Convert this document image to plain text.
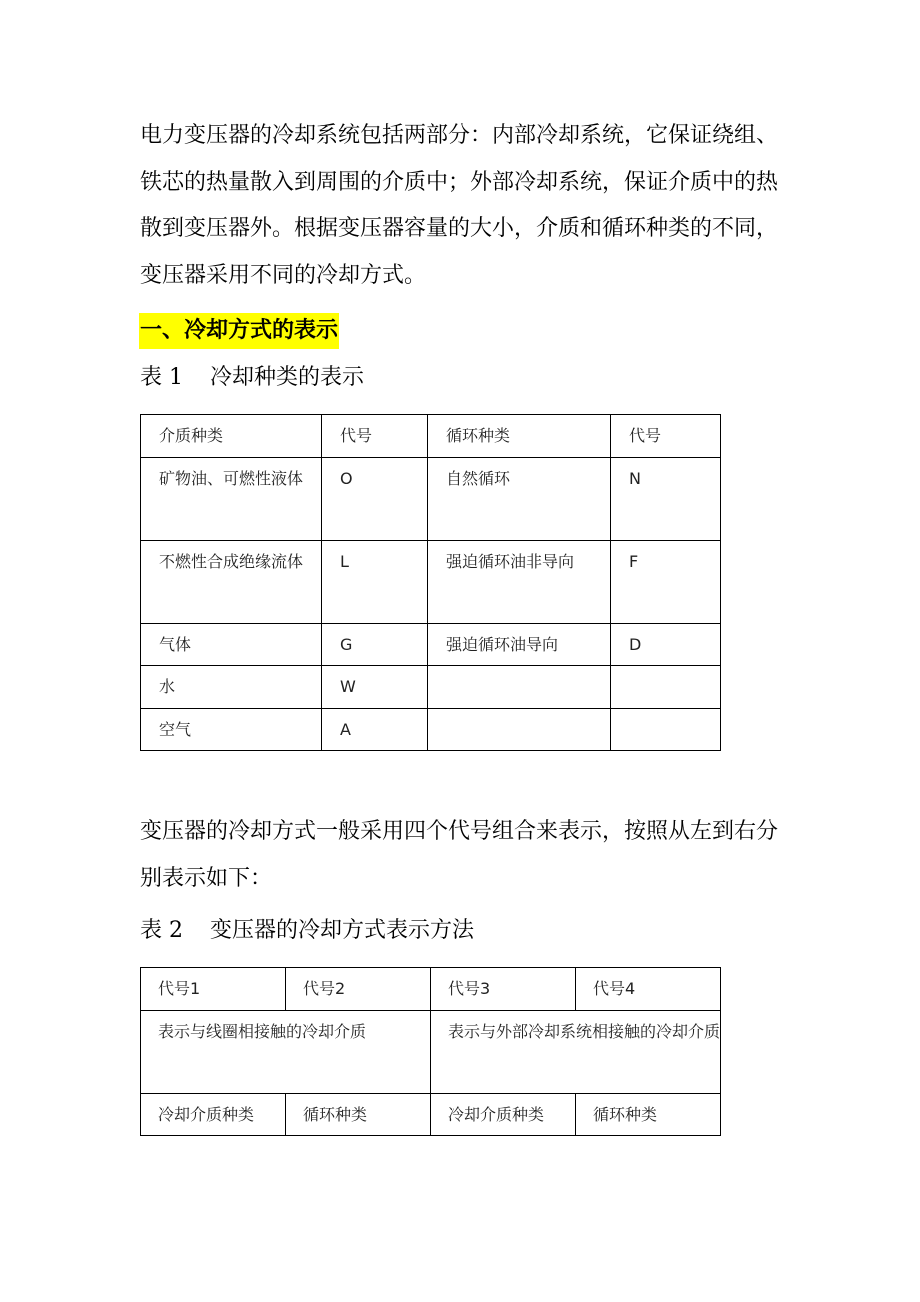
电力变压器的冷却系统包括两部分：内部冷却系统，它保证绕组、铁芯的热量散入到周围的介质中；外部冷却系统，保证介质中的热散到变压器外。根据变压器容量的大小，介质和循环种类的不同，变压器采用不同的冷却方式。

一、冷却方式的表示
表 1 冷却种类的表示
介质种类	代号	循环种类	代号
矿物油、可燃性液体	O	自然循环	N
不燃性合成绝缘流体	L	强迫循环油非导向	F
气体	G	强迫循环油导向	D
水	W		
空气	A		

变压器的冷却方式一般采用四个代号组合来表示，按照从左到右分别表示如下：

表 2 变压器的冷却方式表示方法
代号1	代号2	代号3	代号4
表示与线圈相接触的冷却介质		表示与外部冷却系统相接触的冷却介质	
冷却介质种类	循环种类	冷却介质种类	循环种类
